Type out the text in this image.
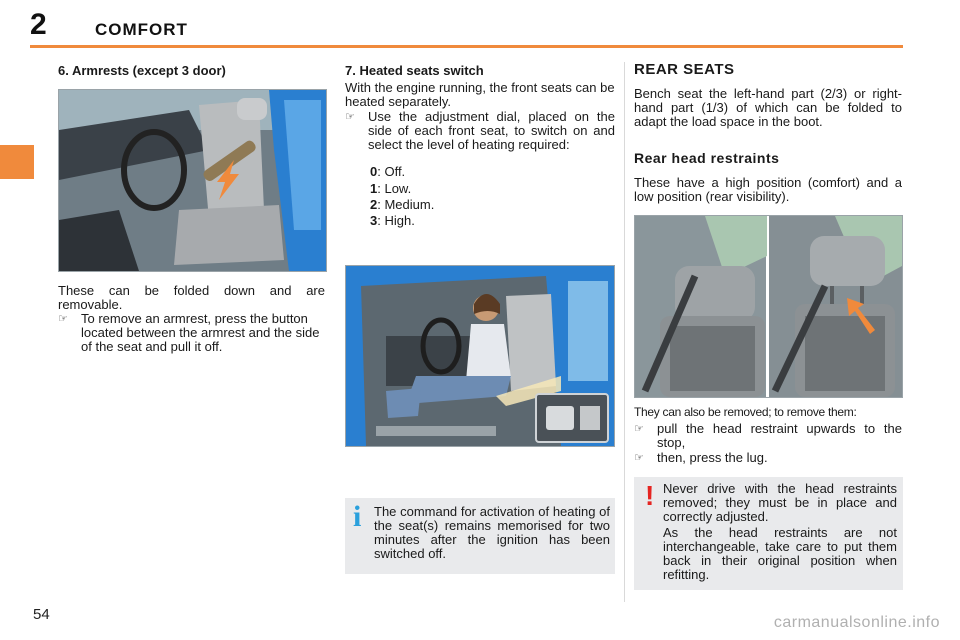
2	COMFORT
6. Armrests (except 3 door)
These can be folded down and are removable.
☞ To remove an armrest, press the button located between the armrest and the side of the seat and pull it off.
7. Heated seats switch
With the engine running, the front seats can be heated separately.
☞ Use the adjustment dial, placed on the side of each front seat, to switch on and select the level of heating required:
0: Off.
1: Low.
2: Medium.
3: High.
i The command for activation of heating of the seat(s) remains memorised for two minutes after the ignition has been switched off.
REAR SEATS
Bench seat the left-hand part (2/3) or right-hand part (1/3) of which can be folded to adapt the load space in the boot.
Rear head restraints
These have a high position (comfort) and a low position (rear visibility).
They can also be removed; to remove them:
☞ pull the head restraint upwards to the stop,
☞ then, press the lug.
! Never drive with the head restraints removed; they must be in place and correctly adjusted.
As the head restraints are not interchangeable, take care to put them back in their original position when refitting.
54	carmanualsonline.info
